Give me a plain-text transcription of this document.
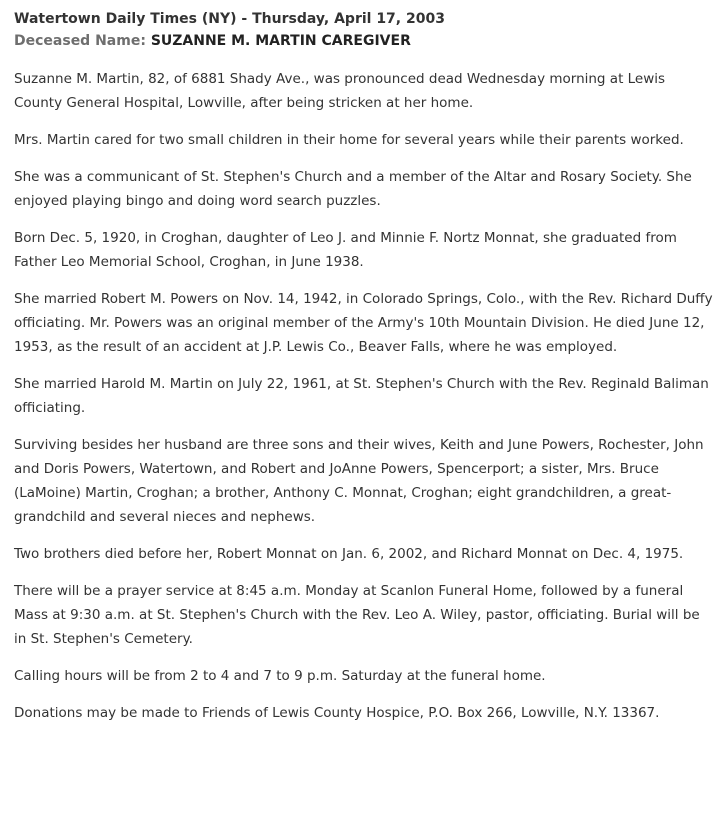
Watertown Daily Times (NY) - Thursday, April 17, 2003
Deceased Name: SUZANNE M. MARTIN CAREGIVER

Suzanne M. Martin, 82, of 6881 Shady Ave., was pronounced dead Wednesday morning at Lewis County General Hospital, Lowville, after being stricken at her home.

Mrs. Martin cared for two small children in their home for several years while their parents worked.

She was a communicant of St. Stephen's Church and a member of the Altar and Rosary Society. She enjoyed playing bingo and doing word search puzzles.

Born Dec. 5, 1920, in Croghan, daughter of Leo J. and Minnie F. Nortz Monnat, she graduated from Father Leo Memorial School, Croghan, in June 1938.

She married Robert M. Powers on Nov. 14, 1942, in Colorado Springs, Colo., with the Rev. Richard Duffy officiating. Mr. Powers was an original member of the Army's 10th Mountain Division. He died June 12, 1953, as the result of an accident at J.P. Lewis Co., Beaver Falls, where he was employed.

She married Harold M. Martin on July 22, 1961, at St. Stephen's Church with the Rev. Reginald Baliman officiating.

Surviving besides her husband are three sons and their wives, Keith and June Powers, Rochester, John and Doris Powers, Watertown, and Robert and JoAnne Powers, Spencerport; a sister, Mrs. Bruce (LaMoine) Martin, Croghan; a brother, Anthony C. Monnat, Croghan; eight grandchildren, a great-grandchild and several nieces and nephews.

Two brothers died before her, Robert Monnat on Jan. 6, 2002, and Richard Monnat on Dec. 4, 1975.

There will be a prayer service at 8:45 a.m. Monday at Scanlon Funeral Home, followed by a funeral Mass at 9:30 a.m. at St. Stephen's Church with the Rev. Leo A. Wiley, pastor, officiating. Burial will be in St. Stephen's Cemetery.

Calling hours will be from 2 to 4 and 7 to 9 p.m. Saturday at the funeral home.

Donations may be made to Friends of Lewis County Hospice, P.O. Box 266, Lowville, N.Y. 13367.
